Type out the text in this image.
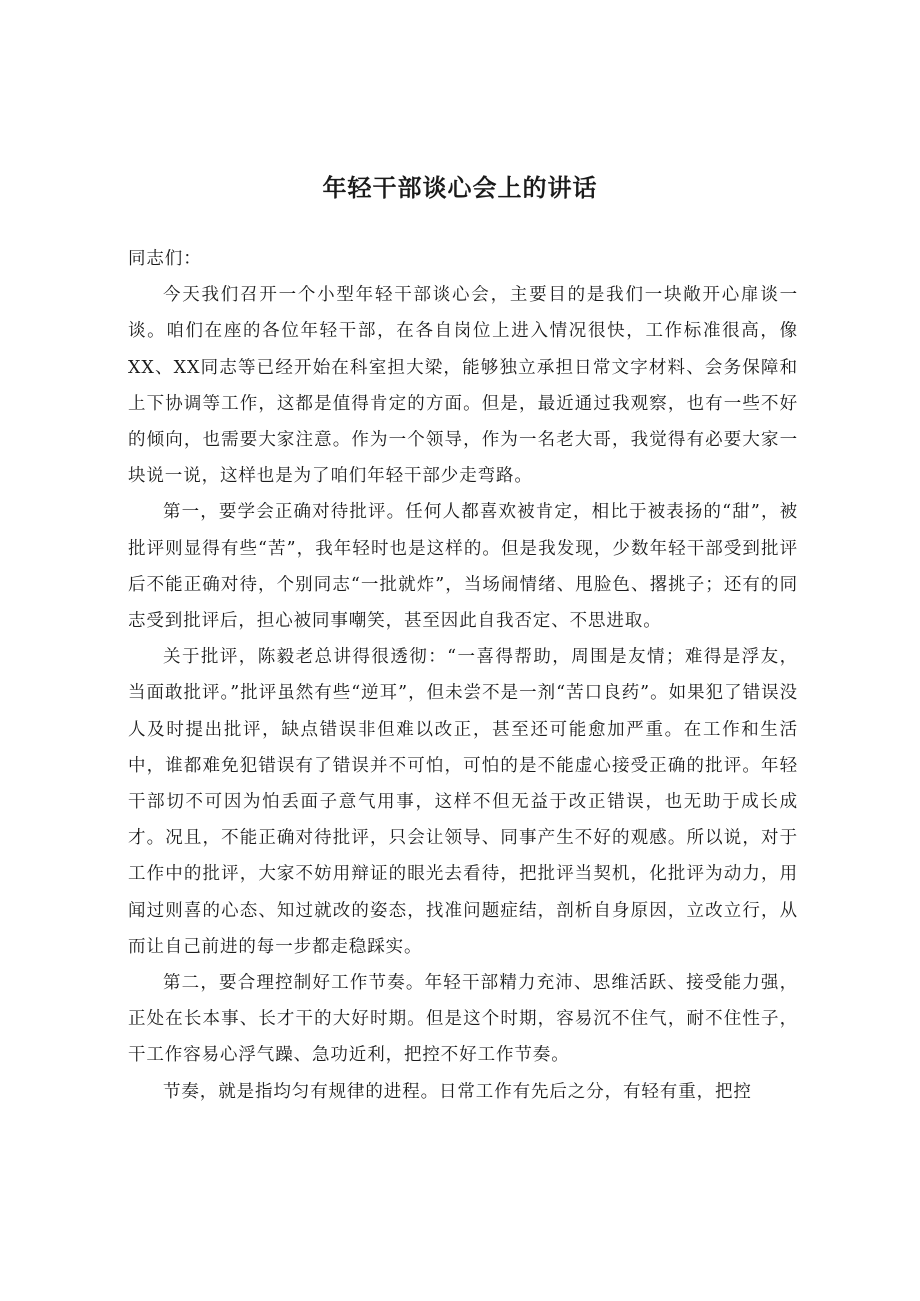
年轻干部谈心会上的讲话

同志们：

今天我们召开一个小型年轻干部谈心会，主要目的是我们一块敞开心扉谈一谈。咱们在座的各位年轻干部，在各自岗位上进入情况很快，工作标准很高，像XX、XX同志等已经开始在科室担大梁，能够独立承担日常文字材料、会务保障和上下协调等工作，这都是值得肯定的方面。但是，最近通过我观察，也有一些不好的倾向，也需要大家注意。作为一个领导，作为一名老大哥，我觉得有必要大家一块说一说，这样也是为了咱们年轻干部少走弯路。

第一，要学会正确对待批评。任何人都喜欢被肯定，相比于被表扬的“甜”，被批评则显得有些“苦”，我年轻时也是这样的。但是我发现，少数年轻干部受到批评后不能正确对待，个别同志“一批就炸”，当场闹情绪、甩脸色、撂挑子；还有的同志受到批评后，担心被同事嘲笑，甚至因此自我否定、不思进取。

关于批评，陈毅老总讲得很透彻：“一喜得帮助，周围是友情；难得是浮友，当面敢批评。”批评虽然有些“逆耳”，但未尝不是一剂“苦口良药”。如果犯了错误没人及时提出批评，缺点错误非但难以改正，甚至还可能愈加严重。在工作和生活中，谁都难免犯错误有了错误并不可怕，可怕的是不能虚心接受正确的批评。年轻干部切不可因为怕丢面子意气用事，这样不但无益于改正错误，也无助于成长成才。况且，不能正确对待批评，只会让领导、同事产生不好的观感。所以说，对于工作中的批评，大家不妨用辩证的眼光去看待，把批评当契机，化批评为动力，用闻过则喜的心态、知过就改的姿态，找准问题症结，剖析自身原因，立改立行，从而让自己前进的每一步都走稳踩实。

第二，要合理控制好工作节奏。年轻干部精力充沛、思维活跃、接受能力强，正处在长本事、长才干的大好时期。但是这个时期，容易沉不住气，耐不住性子，干工作容易心浮气躁、急功近利，把控不好工作节奏。

节奏，就是指均匀有规律的进程。日常工作有先后之分，有轻有重，把控
